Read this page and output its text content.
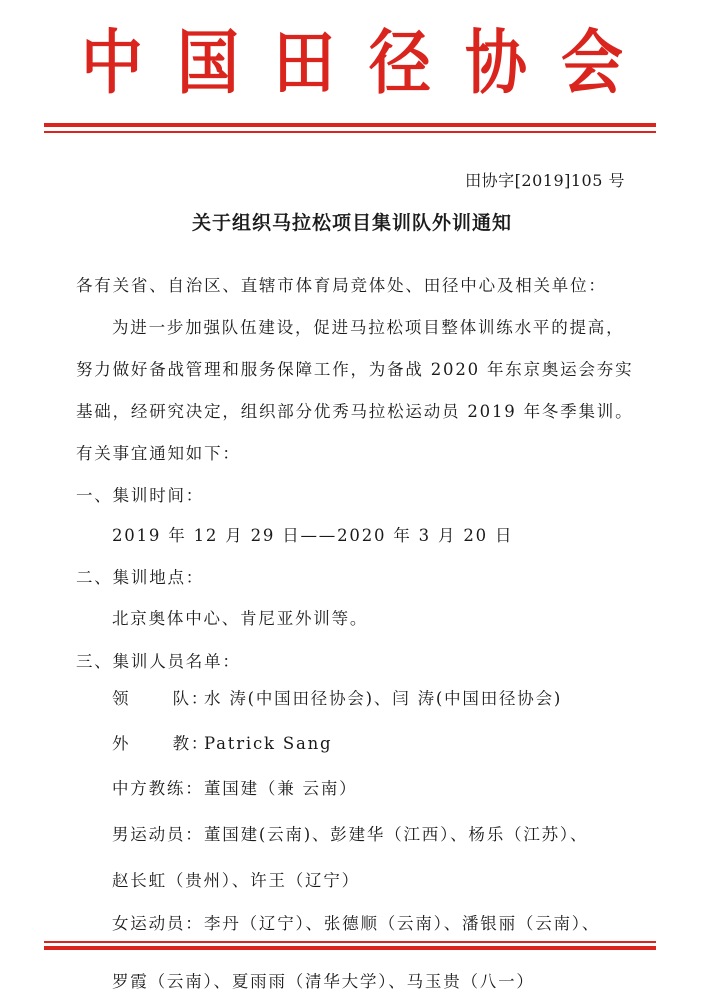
中 国 田 径 协 会
田协字[2019]105 号
关于组织马拉松项目集训队外训通知
各有关省、自治区、直辖市体育局竞体处、田径中心及相关单位：
为进一步加强队伍建设，促进马拉松项目整体训练水平的提高，
努力做好备战管理和服务保障工作，为备战 2020 年东京奥运会夯实
基础，经研究决定，组织部分优秀马拉松运动员 2019 年冬季集训。
有关事宜通知如下：
一、集训时间：
2019 年 12 月 29 日——2020 年 3 月 20 日
二、集训地点：
北京奥体中心、肯尼亚外训等。
三、集训人员名单：
领      队：水 涛(中国田径协会)、闫 涛(中国田径协会)
外      教：Patrick Sang
中方教练：董国建（兼 云南）
男运动员：董国建(云南)、彭建华（江西）、杨乐（江苏）、
赵长虹（贵州）、许王（辽宁）
女运动员：李丹（辽宁）、张德顺（云南）、潘银丽（云南）、
罗霞（云南）、夏雨雨（清华大学）、马玉贵（八一）
